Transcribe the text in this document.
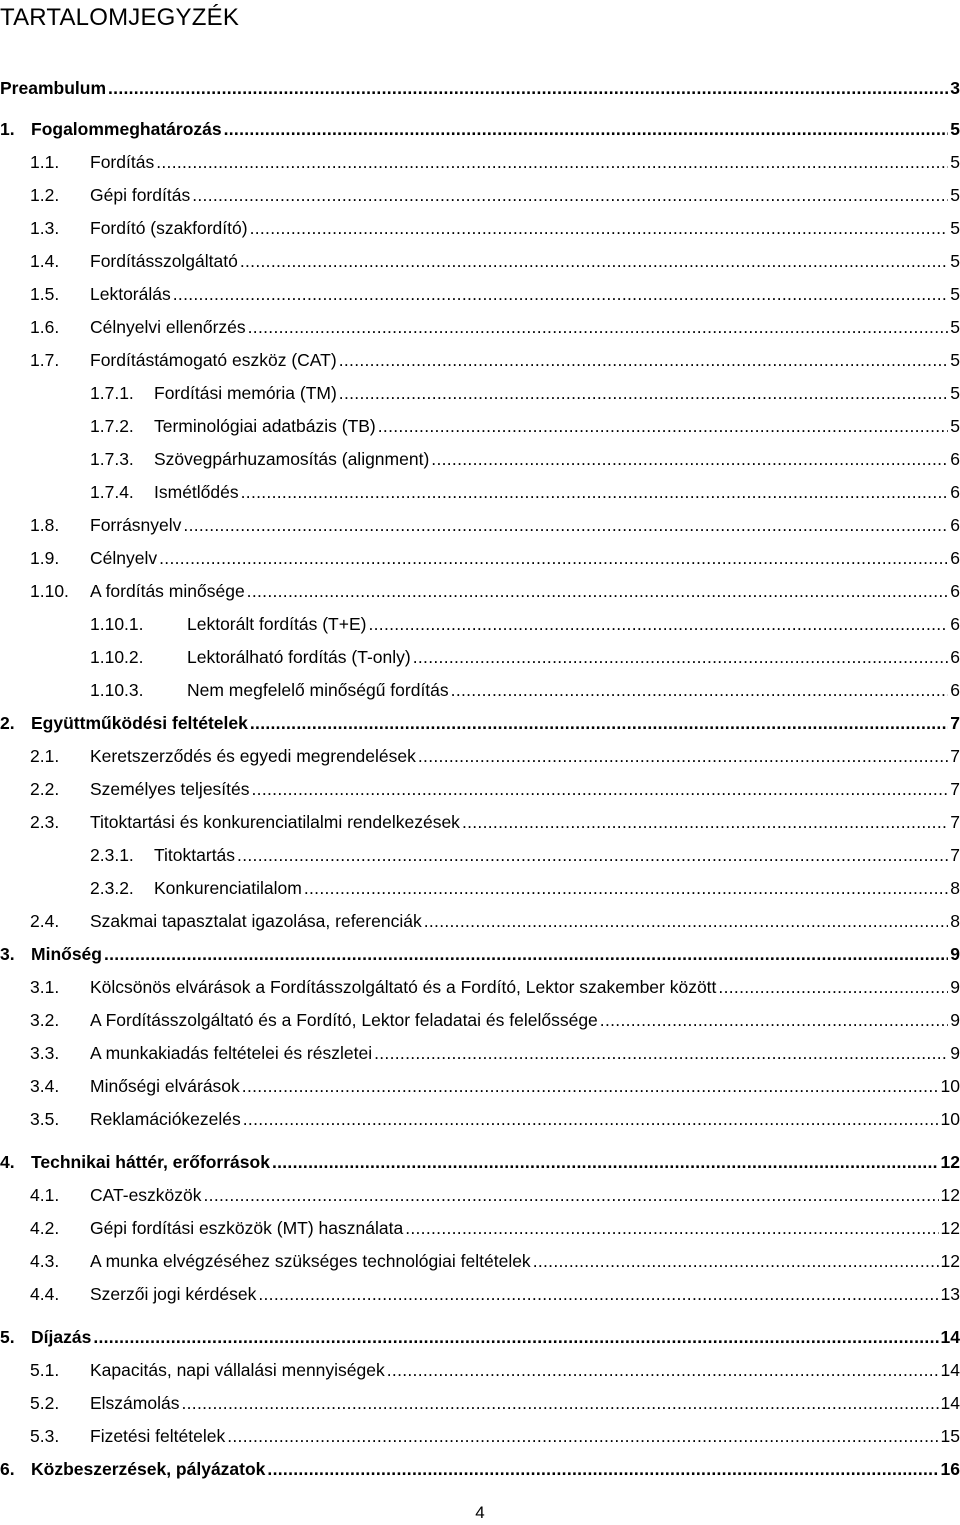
TARTALOMJEGYZÉK
Preambulum .....	3
1. Fogalommeghatározás .....	5
1.1. Fordítás .....	5
1.2. Gépi fordítás .....	5
1.3. Fordító (szakfordító) .....	5
1.4. Fordításszolgáltató .....	5
1.5. Lektorálás .....	5
1.6. Célnyelvi ellenőrzés .....	5
1.7. Fordítástámogató eszköz (CAT) .....	5
1.7.1. Fordítási memória (TM) .....	5
1.7.2. Terminológiai adatbázis (TB) .....	5
1.7.3. Szövegpárhuzamosítás (alignment) .....	6
1.7.4. Ismétlődés .....	6
1.8. Forrásnyelv .....	6
1.9. Célnyelv .....	6
1.10. A fordítás minősége .....	6
1.10.1. Lektorált fordítás (T+E) .....	6
1.10.2. Lektorálható fordítás (T-only) .....	6
1.10.3. Nem megfelelő minőségű fordítás .....	6
2. Együttműködési feltételek .....	7
2.1. Keretszerződés és egyedi megrendelések .....	7
2.2. Személyes teljesítés .....	7
2.3. Titoktartási és konkurenciatilalmi rendelkezések .....	7
2.3.1. Titoktartás .....	7
2.3.2. Konkurenciatilalom .....	8
2.4. Szakmai tapasztalat igazolása, referenciák .....	8
3. Minőség .....	9
3.1. Kölcsönös elvárások a Fordításszolgáltató és a Fordító, Lektor szakember között .....	9
3.2. A Fordításszolgáltató és a Fordító, Lektor feladatai és felelőssége .....	9
3.3. A munkakiadás feltételei és részletei .....	9
3.4. Minőségi elvárások .....	10
3.5. Reklamációkezelés .....	10
4. Technikai háttér, erőforrások .....	12
4.1. CAT-eszközök .....	12
4.2. Gépi fordítási eszközök (MT) használata .....	12
4.3. A munka elvégzéséhez szükséges technológiai feltételek .....	12
4.4. Szerzői jogi kérdések .....	13
5. Díjazás .....	14
5.1. Kapacitás, napi vállalási mennyiségek .....	14
5.2. Elszámolás .....	14
5.3. Fizetési feltételek .....	15
6. Közbeszerzések, pályázatok .....	16
4
